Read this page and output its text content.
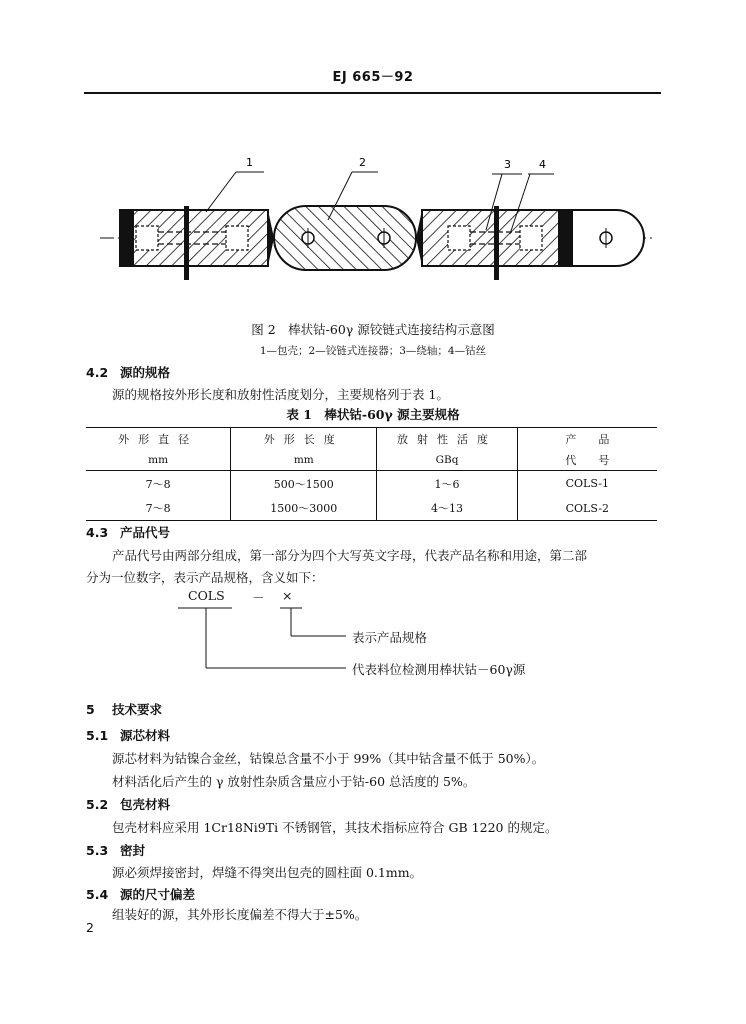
EJ 665－92
1	2	3	4
图 2　棒状钴-60γ 源铰链式连接结构示意图
1—包壳；2—铰链式连接器；3—绕轴；4—钴丝
4.2 源的规格
源的规格按外形长度和放射性活度划分，主要规格列于表 1。
表 1　棒状钴-60γ 源主要规格
外形直径	外形长度	放射性活度	产　　品
mm	mm	GBq	代　　号
7～8	500～1500	1～6	COLS-1
7～8	1500～3000	4～13	COLS-2
4.3 产品代号
产品代号由两部分组成，第一部分为四个大写英文字母，代表产品名称和用途，第二部
分为一位数字，表示产品规格，含义如下：
COLS － ×
表示产品规格
代表料位检测用棒状钴－60γ源
5 技术要求
5.1 源芯材料
源芯材料为钴镍合金丝，钴镍总含量不小于 99%（其中钴含量不低于 50%）。
材料活化后产生的 γ 放射性杂质含量应小于钴-60 总活度的 5%。
5.2 包壳材料
包壳材料应采用 1Cr18Ni9Ti 不锈钢管，其技术指标应符合 GB 1220 的规定。
5.3 密封
源必须焊接密封，焊缝不得突出包壳的圆柱面 0.1mm。
5.4 源的尺寸偏差
组装好的源，其外形长度偏差不得大于±5%。
2
